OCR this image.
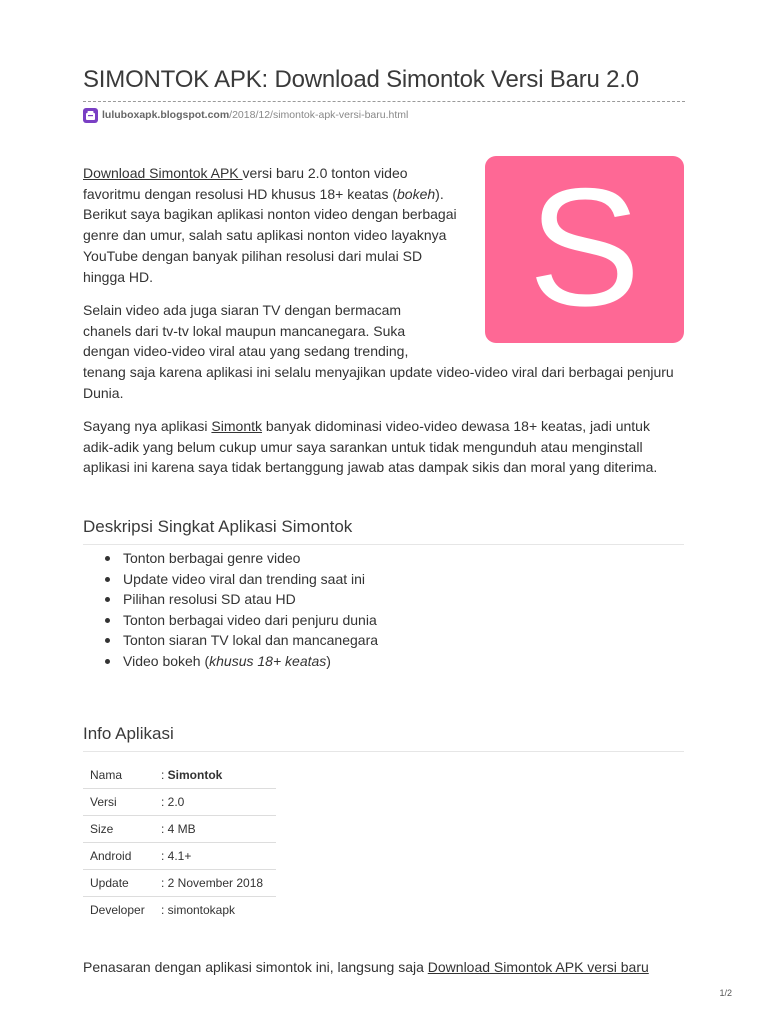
SIMONTOK APK: Download Simontok Versi Baru 2.0
luluboxapk.blogspot.com /2018/12/simontok-apk-versi-baru.html

Download Simontok APK versi baru 2.0 tonton video favoritmu dengan resolusi HD khusus 18+ keatas (bokeh). Berikut saya bagikan aplikasi nonton video dengan berbagai genre dan umur, salah satu aplikasi nonton video layaknya YouTube dengan banyak pilihan resolusi dari mulai SD hingga HD.	S

Selain video ada juga siaran TV dengan bermacam
chanels dari tv-tv lokal maupun mancanegara. Suka
dengan video-video viral atau yang sedang trending,
tenang saja karena aplikasi ini selalu menyajikan update video-video viral dari berbagai penjuru Dunia.

Sayang nya aplikasi Simontk banyak didominasi video-video dewasa 18+ keatas, jadi untuk adik-adik yang belum cukup umur saya sarankan untuk tidak mengunduh atau menginstall aplikasi ini karena saya tidak bertanggung jawab atas dampak sikis dan moral yang diterima.

Deskripsi Singkat Aplikasi Simontok
Tonton berbagai genre video
Update video viral dan trending saat ini
Pilihan resolusi SD atau HD
Tonton berbagai video dari penjuru dunia
Tonton siaran TV lokal dan mancanegara
Video bokeh (khusus 18+ keatas)
Info Aplikasi
Nama	: Simontok
Versi	: 2.0
Size	: 4 MB
Android	: 4.1+
Update	: 2 November 2018
Developer	: simontokapk

Penasaran dengan aplikasi simontok ini, langsung saja Download Simontok APK versi baru

1/2
